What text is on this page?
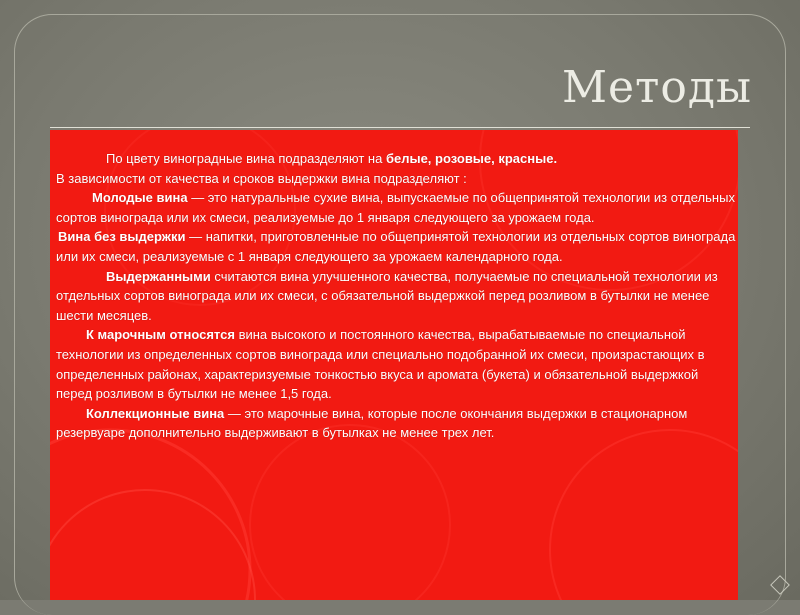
Методы

По цвету виноградные вина подразделяют на белые, розовые, красные.

В зависимости от качества и сроков выдержки вина подразделяют :

Молодые вина — это натуральные сухие вина, выпускаемые по общепринятой технологии из отдельных сортов винограда или их смеси, реализуемые до 1 января следующего за урожаем года.

Вина без выдержки — напитки, приготовленные по общепринятой технологии из отдельных сортов винограда или их смеси, реализуемые с 1 января следующего за урожаем календарного года.

Выдержанными считаются вина улучшенного качества, получаемые по специальной технологии из отдельных сортов винограда или их смеси, с обязательной выдержкой перед розливом в бутылки не менее шести месяцев.

К марочным относятся вина высокого и постоянного качества, вырабатываемые по специальной технологии из определенных сортов винограда или специально подобранной их смеси, произрастающих в определенных районах, характеризуемые тонкостью вкуса и аромата (букета) и обязательной выдержкой перед розливом в бутылки не менее 1,5 года.

Коллекционные вина — это марочные вина, которые после окончания выдержки в стационарном резервуаре дополнительно выдерживают в бутылках не менее трех лет.
